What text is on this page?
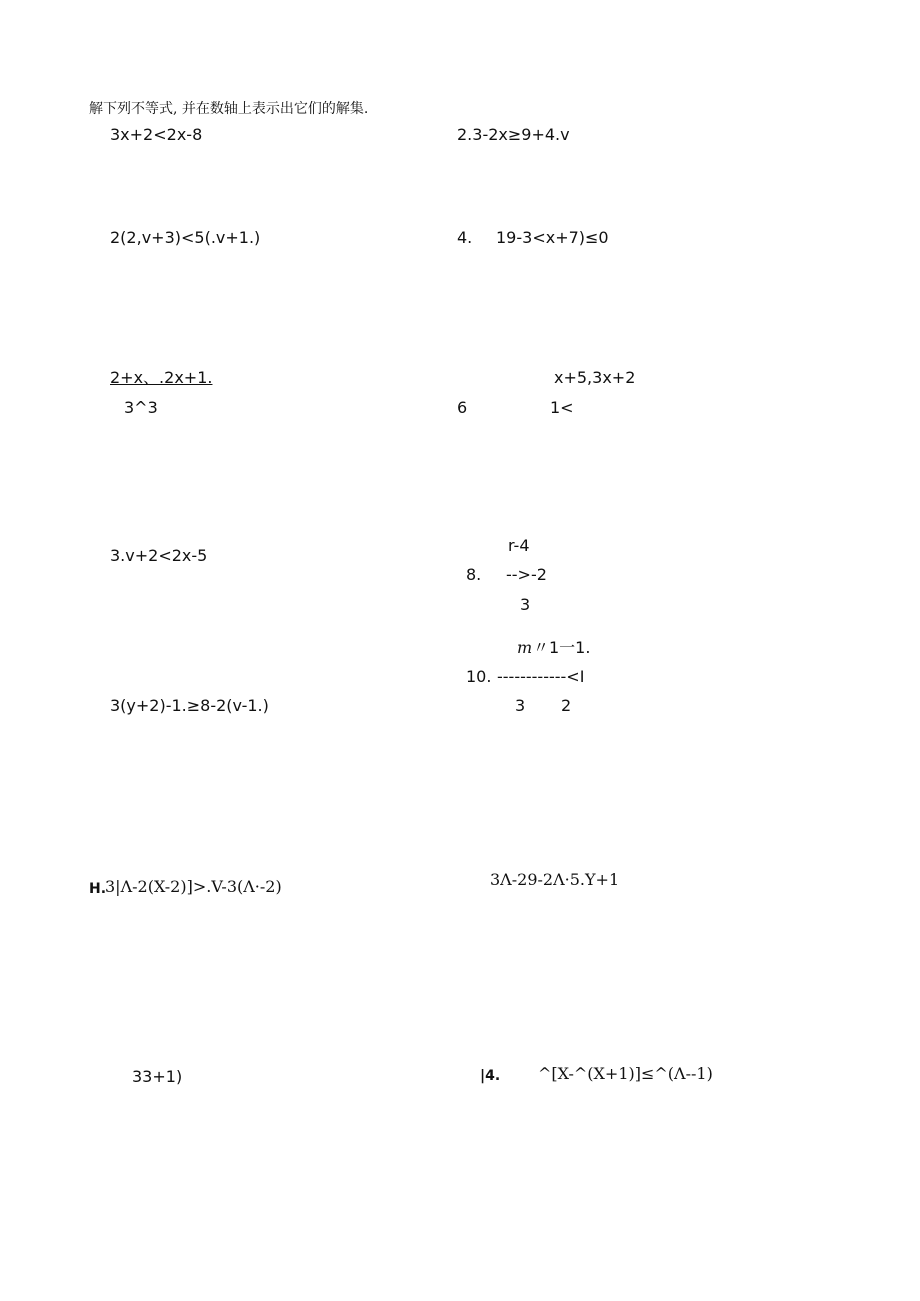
解下列不等式, 并在数轴上表示出它们的解集.
3x+2<2x-8	2.3-2x≥9+4.v
2(2,v+3)<5(.v+1.)	4. 19-3<x+7)≤0
2+x、.2x+1.
3^3
x+5,3x+2
6	1<
3.v+2<2x-5
r-4
8. -->-2
3
m 〃1一1.
10. ------------<I
3 2
3(y+2)-1.≥8-2(v-1.)
H.
3|Λ-2(X-2)]>.V-3(Λ·-2)	3Λ-29-2Λ·5.Y+1
33+1)	|4. ^[X-^(X+1)]≤^(Λ--1)
